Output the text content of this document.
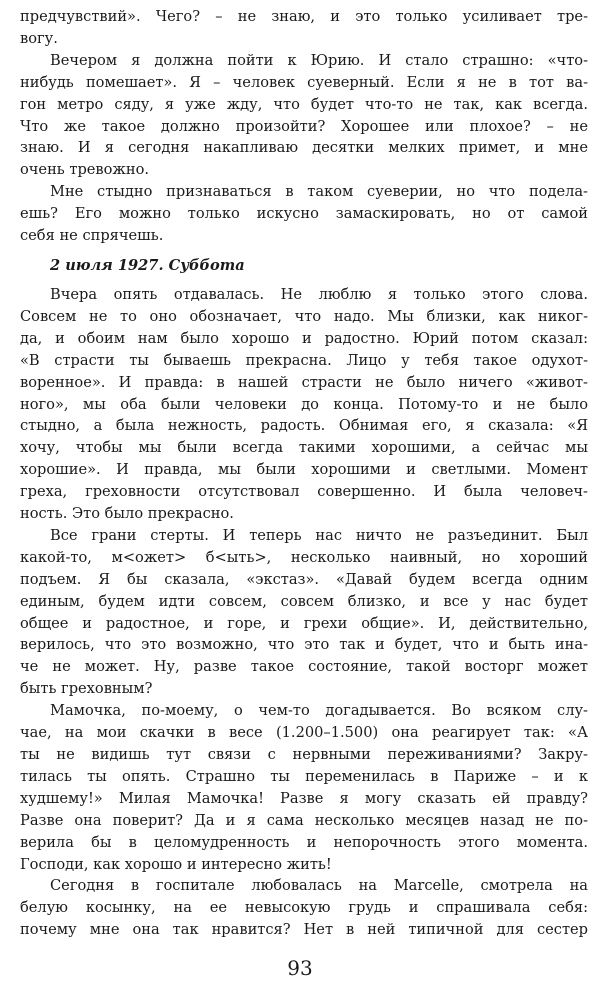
предчувствий». Чего? – не знаю, и это только усиливает тре-
вогу.
Вечером я должна пойти к Юрию. И стало страшно: «что-
нибудь помешает». Я – человек суеверный. Если я не в тот ва-
гон метро сяду, я уже жду, что будет что-то не так, как всегда.
Что же такое должно произойти? Хорошее или плохое? – не
знаю. И я сегодня накапливаю десятки мелких примет, и мне
очень тревожно.
Мне стыдно признаваться в таком суеверии, но что подела-
ешь? Его можно только искусно замаскировать, но от самой
себя не спрячешь.
2 июля 1927. Суббота
Вчера опять отдавалась. Не люблю я только этого слова.
Совсем не то оно обозначает, что надо. Мы близки, как никог-
да, и обоим нам было хорошо и радостно. Юрий потом сказал:
«В страсти ты бываешь прекрасна. Лицо у тебя такое одухот-
воренное». И правда: в нашей страсти не было ничего «живот-
ного», мы оба были человеки до конца. Потому-то и не было
стыдно, а была нежность, радость. Обнимая его, я сказала: «Я
хочу, чтобы мы были всегда такими хорошими, а сейчас мы
хорошие». И правда, мы были хорошими и светлыми. Момент
греха, греховности отсутствовал совершенно. И была человеч-
ность. Это было прекрасно.
Все грани стерты. И теперь нас ничто не разъединит. Был
какой-то, м<ожет> б<ыть>, несколько наивный, но хороший
подъем. Я бы сказала, «экстаз». «Давай будем всегда одним
единым, будем идти совсем, совсем близко, и все у нас будет
общее и радостное, и горе, и грехи общие». И, действительно,
верилось, что это возможно, что это так и будет, что и быть ина-
че не может. Ну, разве такое состояние, такой восторг может
быть греховным?
Мамочка, по-моему, о чем-то догадывается. Во всяком слу-
чае, на мои скачки в весе (1.200–1.500) она реагирует так: «А
ты не видишь тут связи с нервными переживаниями? Закру-
тилась ты опять. Страшно ты переменилась в Париже – и к
худшему!» Милая Мамочка! Разве я могу сказать ей правду?
Разве она поверит? Да и я сама несколько месяцев назад не по-
верила бы в целомудренность и непорочность этого момента.
Господи, как хорошо и интересно жить!
Сегодня в госпитале любовалась на Marcelle, смотрела на
белую косынку, на ее невысокую грудь и спрашивала себя:
почему мне она так нравится? Нет в ней типичной для сестер
93
